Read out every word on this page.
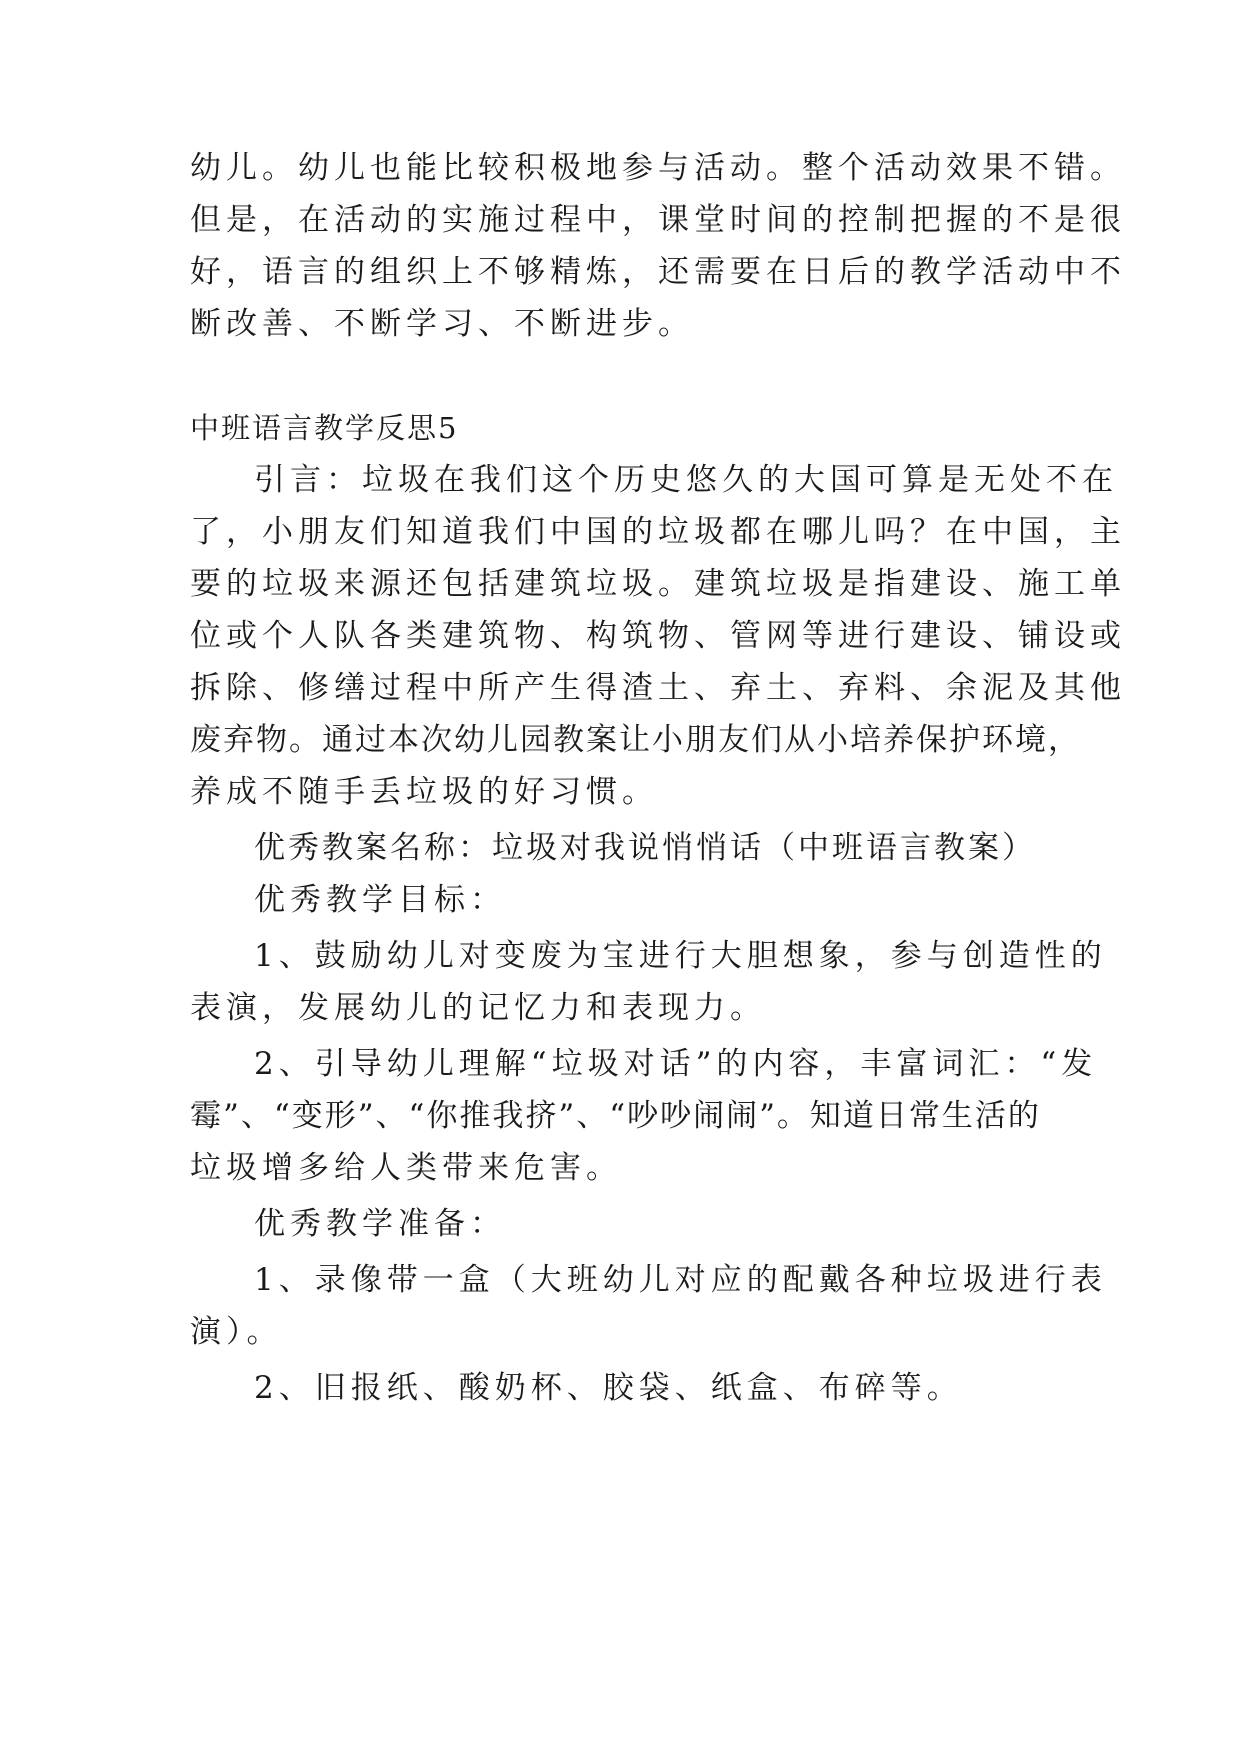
幼儿。幼儿也能比较积极地参与活动。整个活动效果不错。
但是，在活动的实施过程中，课堂时间的控制把握的不是很
好，语言的组织上不够精炼，还需要在日后的教学活动中不
断改善、不断学习、不断进步。
中班语言教学反思5
引言：垃圾在我们这个历史悠久的大国可算是无处不在
了，小朋友们知道我们中国的垃圾都在哪儿吗？在中国，主
要的垃圾来源还包括建筑垃圾。建筑垃圾是指建设、施工单
位或个人队各类建筑物、构筑物、管网等进行建设、铺设或
拆除、修缮过程中所产生得渣土、弃土、弃料、余泥及其他
废弃物。通过本次幼儿园教案让小朋友们从小培养保护环境，
养成不随手丢垃圾的好习惯。
优秀教案名称：垃圾对我说悄悄话（中班语言教案）
优秀教学目标：
1、鼓励幼儿对变废为宝进行大胆想象，参与创造性的
表演，发展幼儿的记忆力和表现力。
2、引导幼儿理解“垃圾对话”的内容，丰富词汇：“发
霉”、“变形”、“你推我挤”、“吵吵闹闹”。知道日常生活的
垃圾增多给人类带来危害。
优秀教学准备：
1、录像带一盒（大班幼儿对应的配戴各种垃圾进行表
演）。
2、旧报纸、酸奶杯、胶袋、纸盒、布碎等。
